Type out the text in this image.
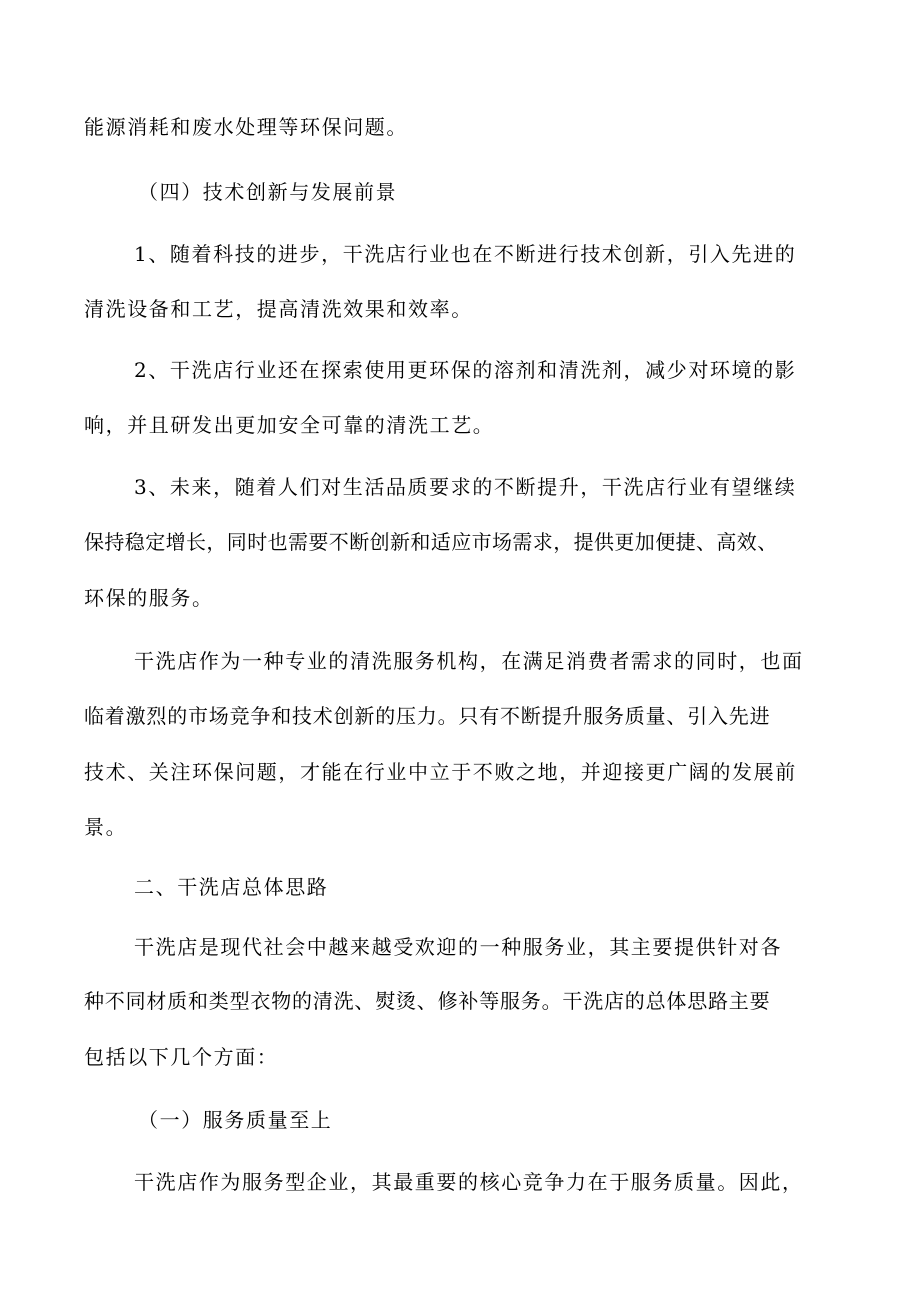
能源消耗和废水处理等环保问题。
（四）技术创新与发展前景
1、随着科技的进步，干洗店行业也在不断进行技术创新，引入先进的
清洗设备和工艺，提高清洗效果和效率。
2、干洗店行业还在探索使用更环保的溶剂和清洗剂，减少对环境的影
响，并且研发出更加安全可靠的清洗工艺。
3、未来，随着人们对生活品质要求的不断提升，干洗店行业有望继续
保持稳定增长，同时也需要不断创新和适应市场需求，提供更加便捷、高效、
环保的服务。
干洗店作为一种专业的清洗服务机构，在满足消费者需求的同时，也面
临着激烈的市场竞争和技术创新的压力。只有不断提升服务质量、引入先进
技术、关注环保问题，才能在行业中立于不败之地，并迎接更广阔的发展前
景。
二、干洗店总体思路
干洗店是现代社会中越来越受欢迎的一种服务业，其主要提供针对各
种不同材质和类型衣物的清洗、熨烫、修补等服务。干洗店的总体思路主要
包括以下几个方面：
（一）服务质量至上
干洗店作为服务型企业，其最重要的核心竞争力在于服务质量。因此，
